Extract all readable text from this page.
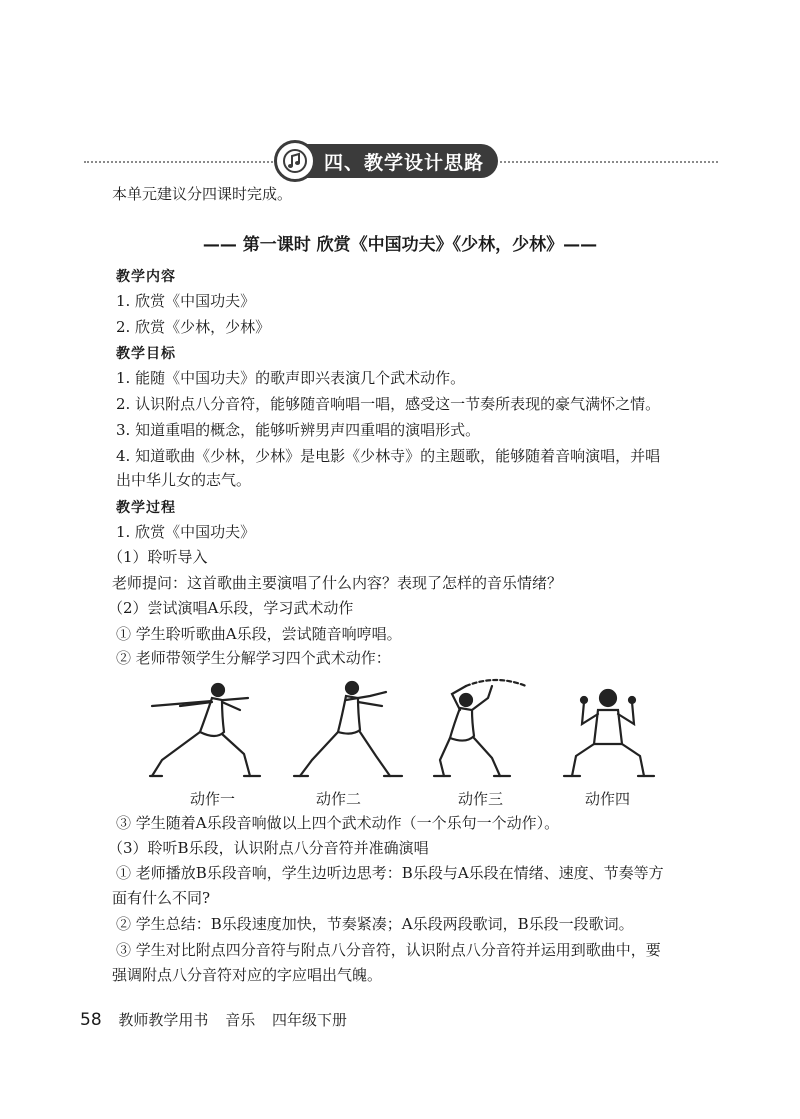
四、教学设计思路
本单元建议分四课时完成。
—— 第一课时 欣赏《中国功夫》《少林，少林》——
教学内容
1. 欣赏《中国功夫》
2. 欣赏《少林，少林》
教学目标
1. 能随《中国功夫》的歌声即兴表演几个武术动作。
2. 认识附点八分音符，能够随音响唱一唱，感受这一节奏所表现的豪气满怀之情。
3. 知道重唱的概念，能够听辨男声四重唱的演唱形式。
4. 知道歌曲《少林，少林》是电影《少林寺》的主题歌，能够随着音响演唱，并唱
出中华儿女的志气。
教学过程
1. 欣赏《中国功夫》
（1）聆听导入
老师提问：这首歌曲主要演唱了什么内容？表现了怎样的音乐情绪？
（2）尝试演唱A乐段，学习武术动作
① 学生聆听歌曲A乐段，尝试随音响哼唱。
② 老师带领学生分解学习四个武术动作：
动作一	动作二	动作三	动作四
③ 学生随着A乐段音响做以上四个武术动作（一个乐句一个动作）。
（3）聆听B乐段，认识附点八分音符并准确演唱
① 老师播放B乐段音响，学生边听边思考：B乐段与A乐段在情绪、速度、节奏等方
面有什么不同?
② 学生总结：B乐段速度加快，节奏紧凑；A乐段两段歌词，B乐段一段歌词。
③ 学生对比附点四分音符与附点八分音符，认识附点八分音符并运用到歌曲中，要
强调附点八分音符对应的字应唱出气魄。
58 教师教学用书 音乐 四年级下册
